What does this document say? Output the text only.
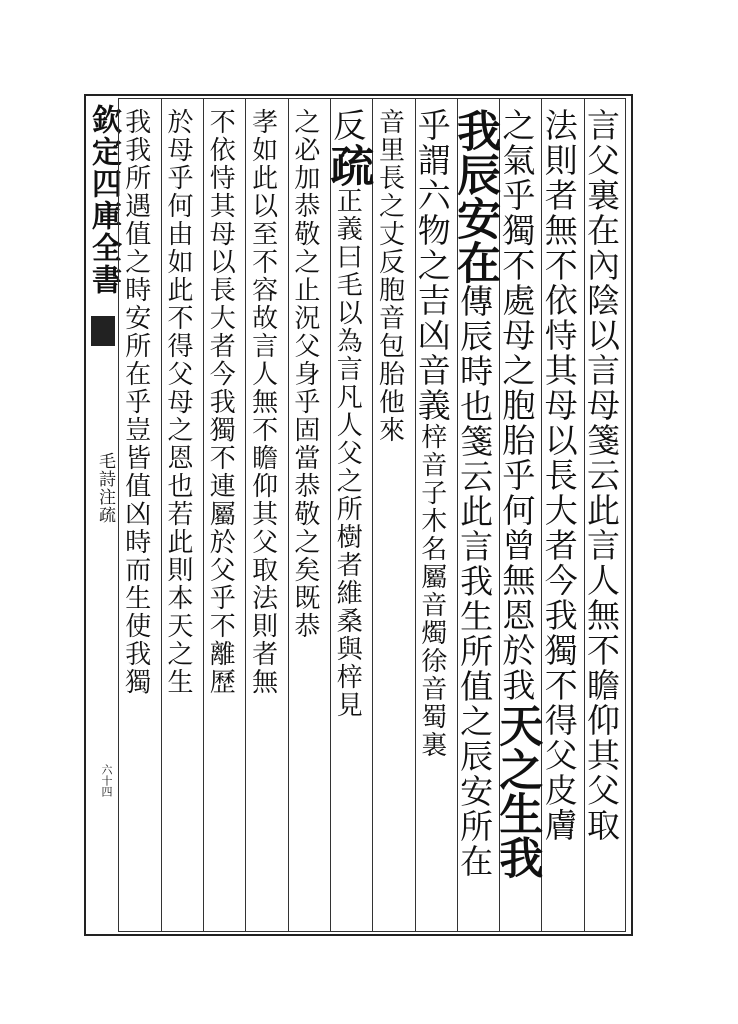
欽定四庫全書
毛詩注疏
六十四	言父裏在內陰以言母箋云此言人無不瞻仰其父取
法則者無不依恃其母以長大者今我獨不得父皮膚
之氣乎獨不處母之胞胎乎何曾無恩於我天之生我
我辰安在傳辰時也箋云此言我生所值之辰安所在
乎謂六物之吉凶音義梓音子木名屬音燭徐音蜀裏
音里長之丈反胞音包胎他來
反疏正義曰毛以為言凡人父之所樹者維桑與梓見
之必加恭敬之止況父身乎固當恭敬之矣既恭
孝如此以至不容故言人無不瞻仰其父取法則者無
不依恃其母以長大者今我獨不連屬於父乎不離歷
於母乎何由如此不得父母之恩也若此則本天之生
我我所遇值之時安所在乎豈皆值凶時而生使我獨
